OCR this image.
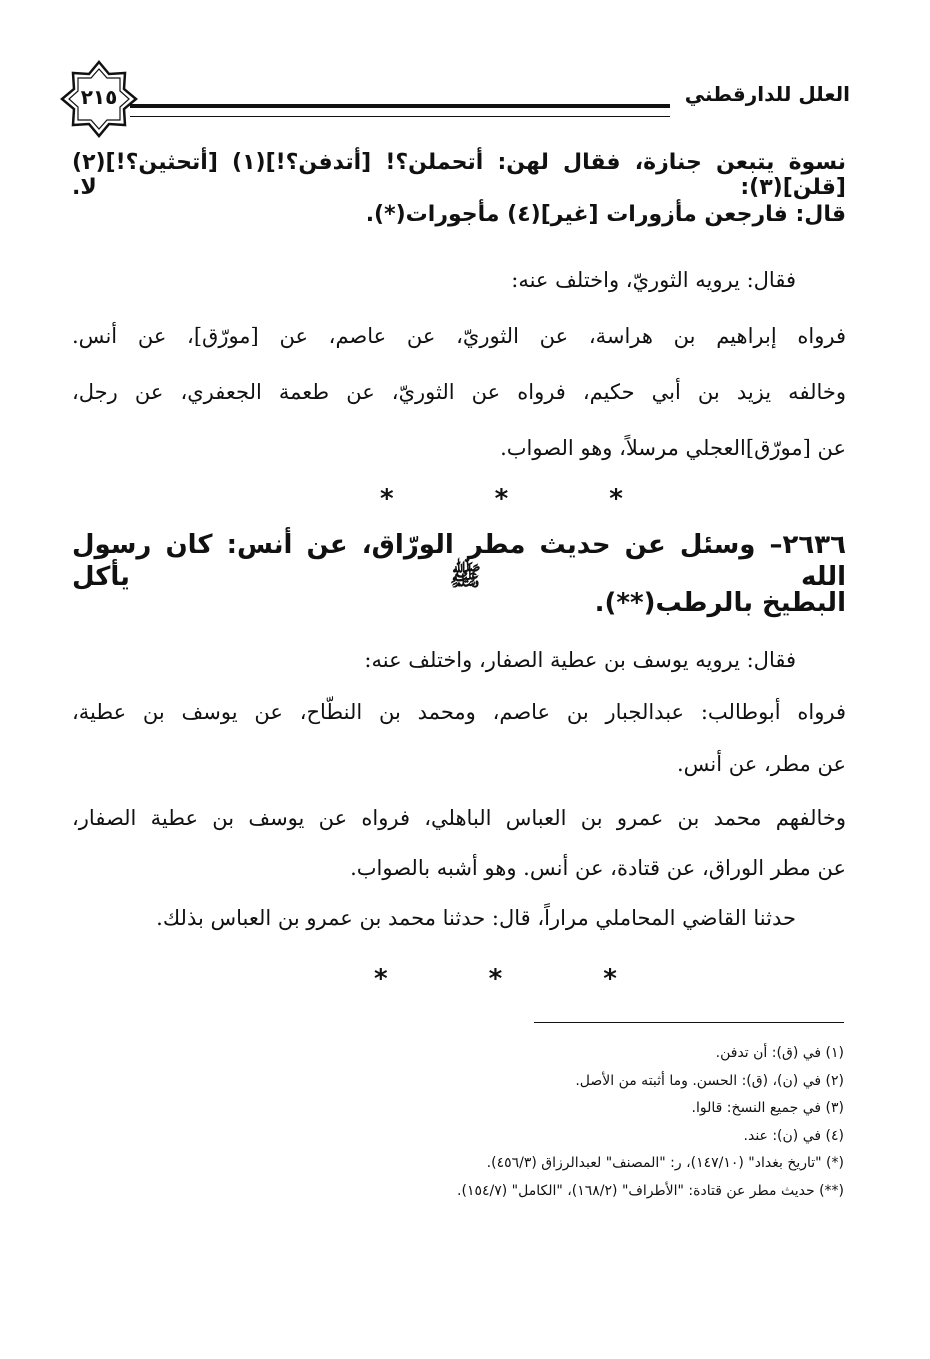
٢١٥	العلل للدارقطني
نسوة يتبعن جنازة، فقال لهن: أتحملن؟! [أتدفن؟!](١) [أتحثين؟!](٢) [قلن](٣): لا.
قال: فارجعن مأزورات [غير](٤) مأجورات(*).
فقال: يرويه الثوريّ، واختلف عنه:
فرواه إبراهيم بن هراسة، عن الثوريّ، عن عاصم، عن [مورّق]، عن أنس.
وخالفه يزيد بن أبي حكيم، فرواه عن الثوريّ، عن طعمة الجعفري، عن رجل،
عن [مورّق]العجلي مرسلاً، وهو الصواب.
* * *
٢٦٣٦– وسئل عن حديث مطر الورّاق، عن أنس: كان رسول الله ﷺ يأكل
البطيخ بالرطب(**).
فقال: يرويه يوسف بن عطية الصفار، واختلف عنه:
فرواه أبوطالب: عبدالجبار بن عاصم، ومحمد بن النطّاح، عن يوسف بن عطية،
عن مطر، عن أنس.
وخالفهم محمد بن عمرو بن العباس الباهلي، فرواه عن يوسف بن عطية الصفار،
عن مطر الوراق، عن قتادة، عن أنس. وهو أشبه بالصواب.
حدثنا القاضي المحاملي مراراً، قال: حدثنا محمد بن عمرو بن العباس بذلك.
* * *
(١) في (ق): أن تدفن.
(٢) في (ن)، (ق): الحسن. وما أثبته من الأصل.
(٣) في جميع النسخ: قالوا.
(٤) في (ن): عند.
(*) "تاريخ بغداد" (١٤٧/١٠)، ر: "المصنف" لعبدالرزاق (٤٥٦/٣).
(**) حديث مطر عن قتادة: "الأطراف" (١٦٨/٢)، "الكامل" (١٥٤/٧).
